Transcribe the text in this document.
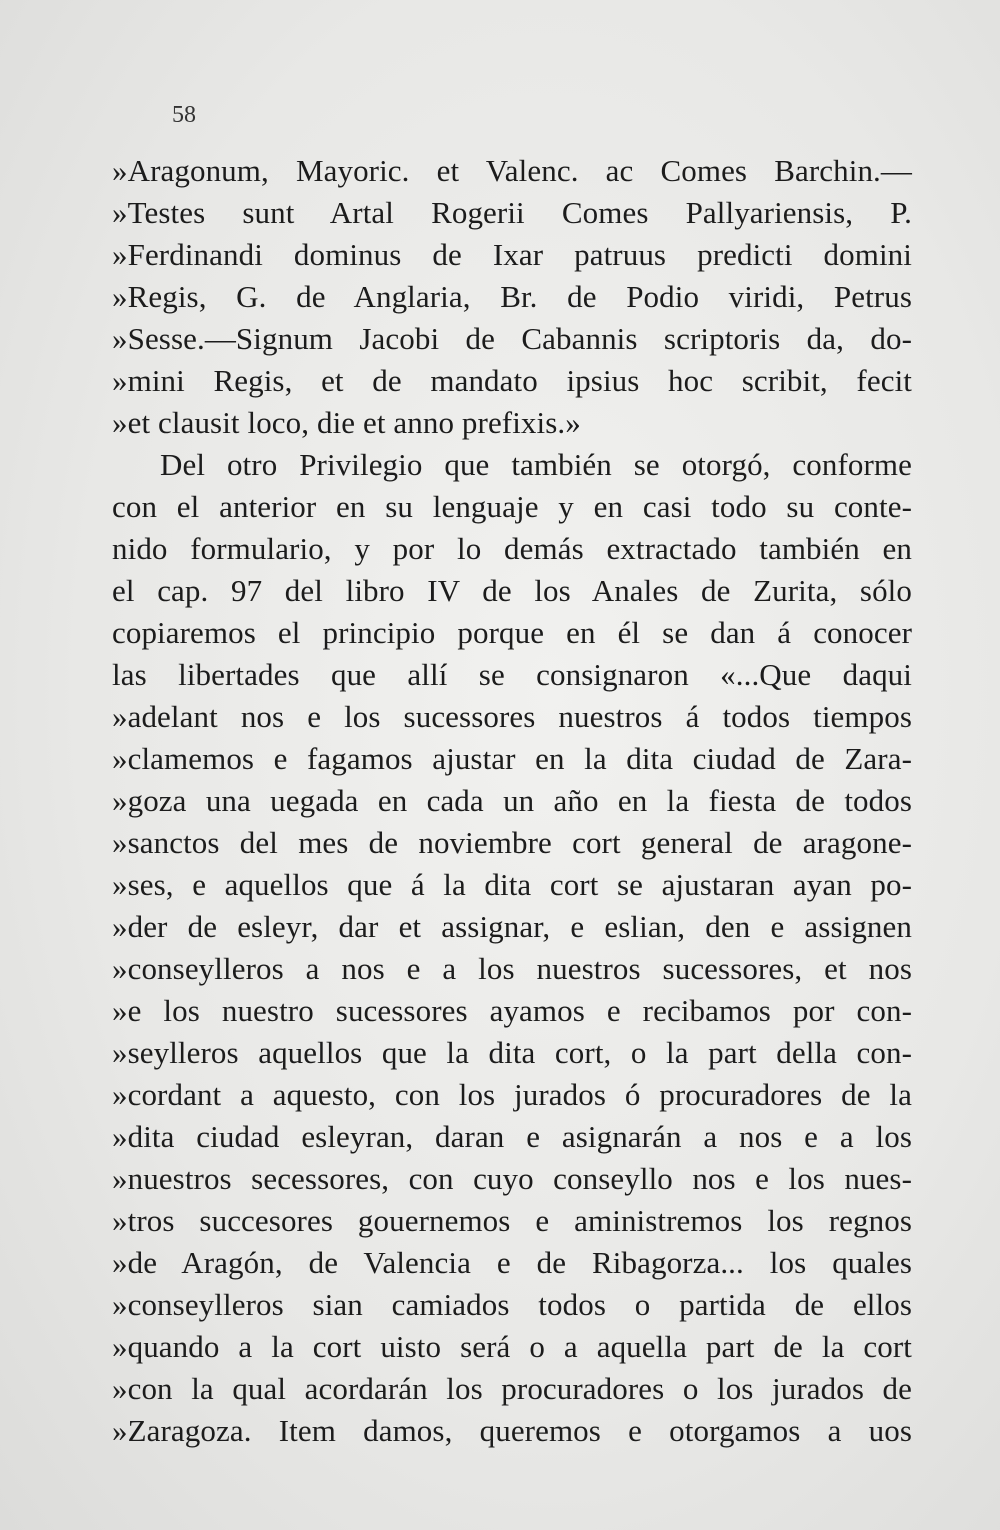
58
»Aragonum, Mayoric. et Valenc. ac Comes Barchin.—
»Testes sunt Artal Rogerii Comes Pallyariensis, P.
»Ferdinandi dominus de Ixar patruus predicti domini
»Regis, G. de Anglaria, Br. de Podio viridi, Petrus
»Sesse.—Signum Jacobi de Cabannis scriptoris da, do-
»mini Regis, et de mandato ipsius hoc scribit, fecit
»et clausit loco, die et anno prefixis.»
Del otro Privilegio que también se otorgó, conforme
con el anterior en su lenguaje y en casi todo su conte-
nido formulario, y por lo demás extractado también en
el cap. 97 del libro IV de los Anales de Zurita, sólo
copiaremos el principio porque en él se dan á conocer
las libertades que allí se consignaron «...Que daqui
»adelant nos e los sucessores nuestros á todos tiempos
»clamemos e fagamos ajustar en la dita ciudad de Zara-
»goza una uegada en cada un año en la fiesta de todos
»sanctos del mes de noviembre cort general de aragone-
»ses, e aquellos que á la dita cort se ajustaran ayan po-
»der de esleyr, dar et assignar, e eslian, den e assignen
»conseylleros a nos e a los nuestros sucessores, et nos
»e los nuestro sucessores ayamos e recibamos por con-
»seylleros aquellos que la dita cort, o la part della con-
»cordant a aquesto, con los jurados ó procuradores de la
»dita ciudad esleyran, daran e asignarán a nos e a los
»nuestros secessores, con cuyo conseyllo nos e los nues-
»tros succesores gouernemos e aministremos los regnos
»de Aragón, de Valencia e de Ribagorza... los quales
»conseylleros sian camiados todos o partida de ellos
»quando a la cort uisto será o a aquella part de la cort
»con la qual acordarán los procuradores o los jurados de
»Zaragoza. Item damos, queremos e otorgamos a uos
